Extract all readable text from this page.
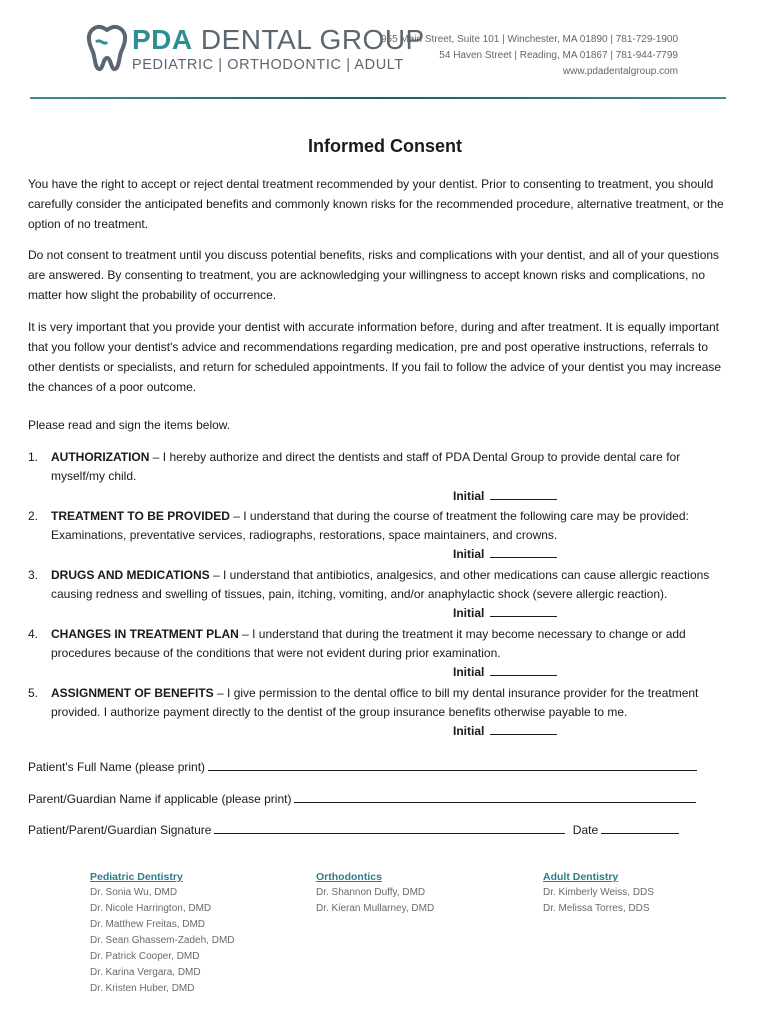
PDA DENTAL GROUP
PEDIATRIC | ORTHODONTIC | ADULT
955 Main Street, Suite 101 | Winchester, MA 01890 | 781-729-1900
54 Haven Street | Reading, MA 01867 | 781-944-7799
www.pdadentalgroup.com
Informed Consent
You have the right to accept or reject dental treatment recommended by your dentist. Prior to consenting to treatment, you should carefully consider the anticipated benefits and commonly known risks for the recommended procedure, alternative treatment, or the option of no treatment.
Do not consent to treatment until you discuss potential benefits, risks and complications with your dentist, and all of your questions are answered. By consenting to treatment, you are acknowledging your willingness to accept known risks and complications, no matter how slight the probability of occurrence.
It is very important that you provide your dentist with accurate information before, during and after treatment. It is equally important that you follow your dentist's advice and recommendations regarding medication, pre and post operative instructions, referrals to other dentists or specialists, and return for scheduled appointments. If you fail to follow the advice of your dentist you may increase the chances of a poor outcome.
Please read and sign the items below.
1. AUTHORIZATION – I hereby authorize and direct the dentists and staff of PDA Dental Group to provide dental care for myself/my child.
Initial
2. TREATMENT TO BE PROVIDED – I understand that during the course of treatment the following care may be provided: Examinations, preventative services, radiographs, restorations, space maintainers, and crowns.
Initial
3. DRUGS AND MEDICATIONS – I understand that antibiotics, analgesics, and other medications can cause allergic reactions causing redness and swelling of tissues, pain, itching, vomiting, and/or anaphylactic shock (severe allergic reaction).
Initial
4. CHANGES IN TREATMENT PLAN – I understand that during the treatment it may become necessary to change or add procedures because of the conditions that were not evident during prior examination.
Initial
5. ASSIGNMENT OF BENEFITS – I give permission to the dental office to bill my dental insurance provider for the treatment provided. I authorize payment directly to the dentist of the group insurance benefits otherwise payable to me.
Initial
Patient's Full Name (please print)
Parent/Guardian Name if applicable (please print)
Patient/Parent/Guardian Signature	Date
Pediatric Dentistry
Dr. Sonia Wu, DMD
Dr. Nicole Harrington, DMD
Dr. Matthew Freitas, DMD
Dr. Sean Ghassem-Zadeh, DMD
Dr. Patrick Cooper, DMD
Dr. Karina Vergara, DMD
Dr. Kristen Huber, DMD
Orthodontics
Dr. Shannon Duffy, DMD
Dr. Kieran Mullarney, DMD
Adult Dentistry
Dr. Kimberly Weiss, DDS
Dr. Melissa Torres, DDS
